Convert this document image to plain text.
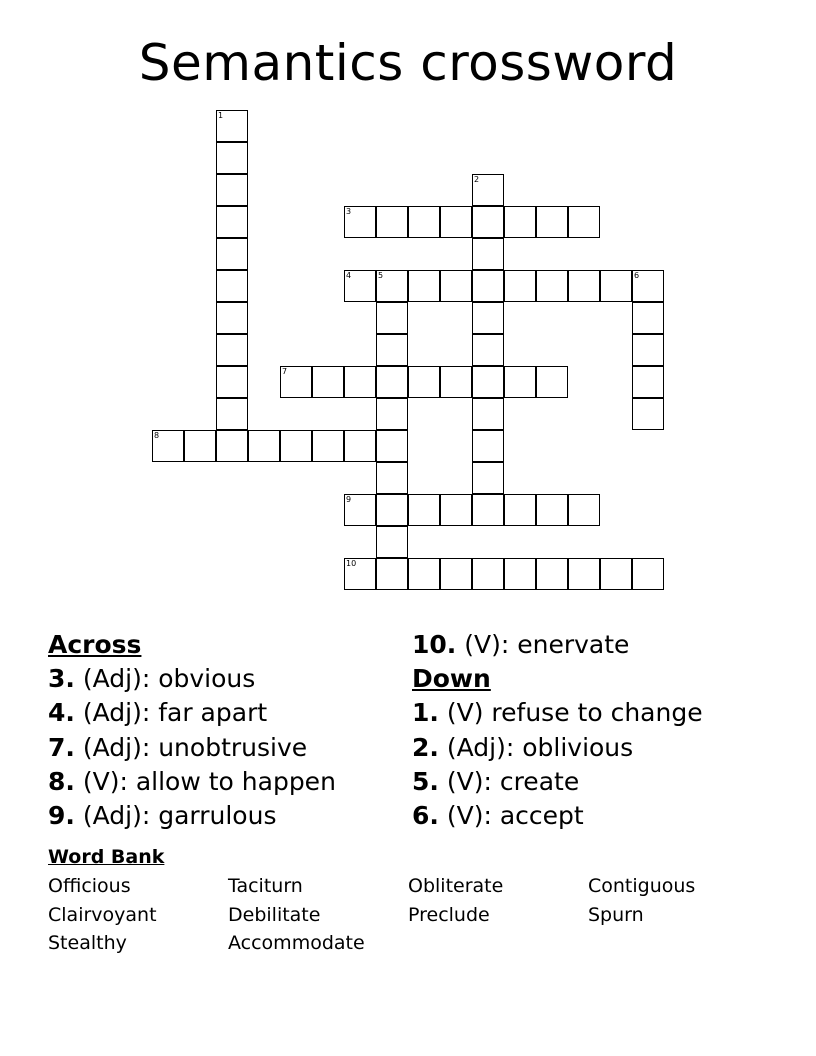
Semantics crossword
1
2
3
4	5	6
7
8
9
10
Across
3. (Adj): obvious
4. (Adj): far apart
7. (Adj): unobtrusive
8. (V): allow to happen
9. (Adj): garrulous
10. (V): enervate
Down
1. (V) refuse to change
2. (Adj): oblivious
5. (V): create
6. (V): accept
Word Bank
Officious	Taciturn	Obliterate	Contiguous
Clairvoyant	Debilitate	Preclude	Spurn
Stealthy	Accommodate
